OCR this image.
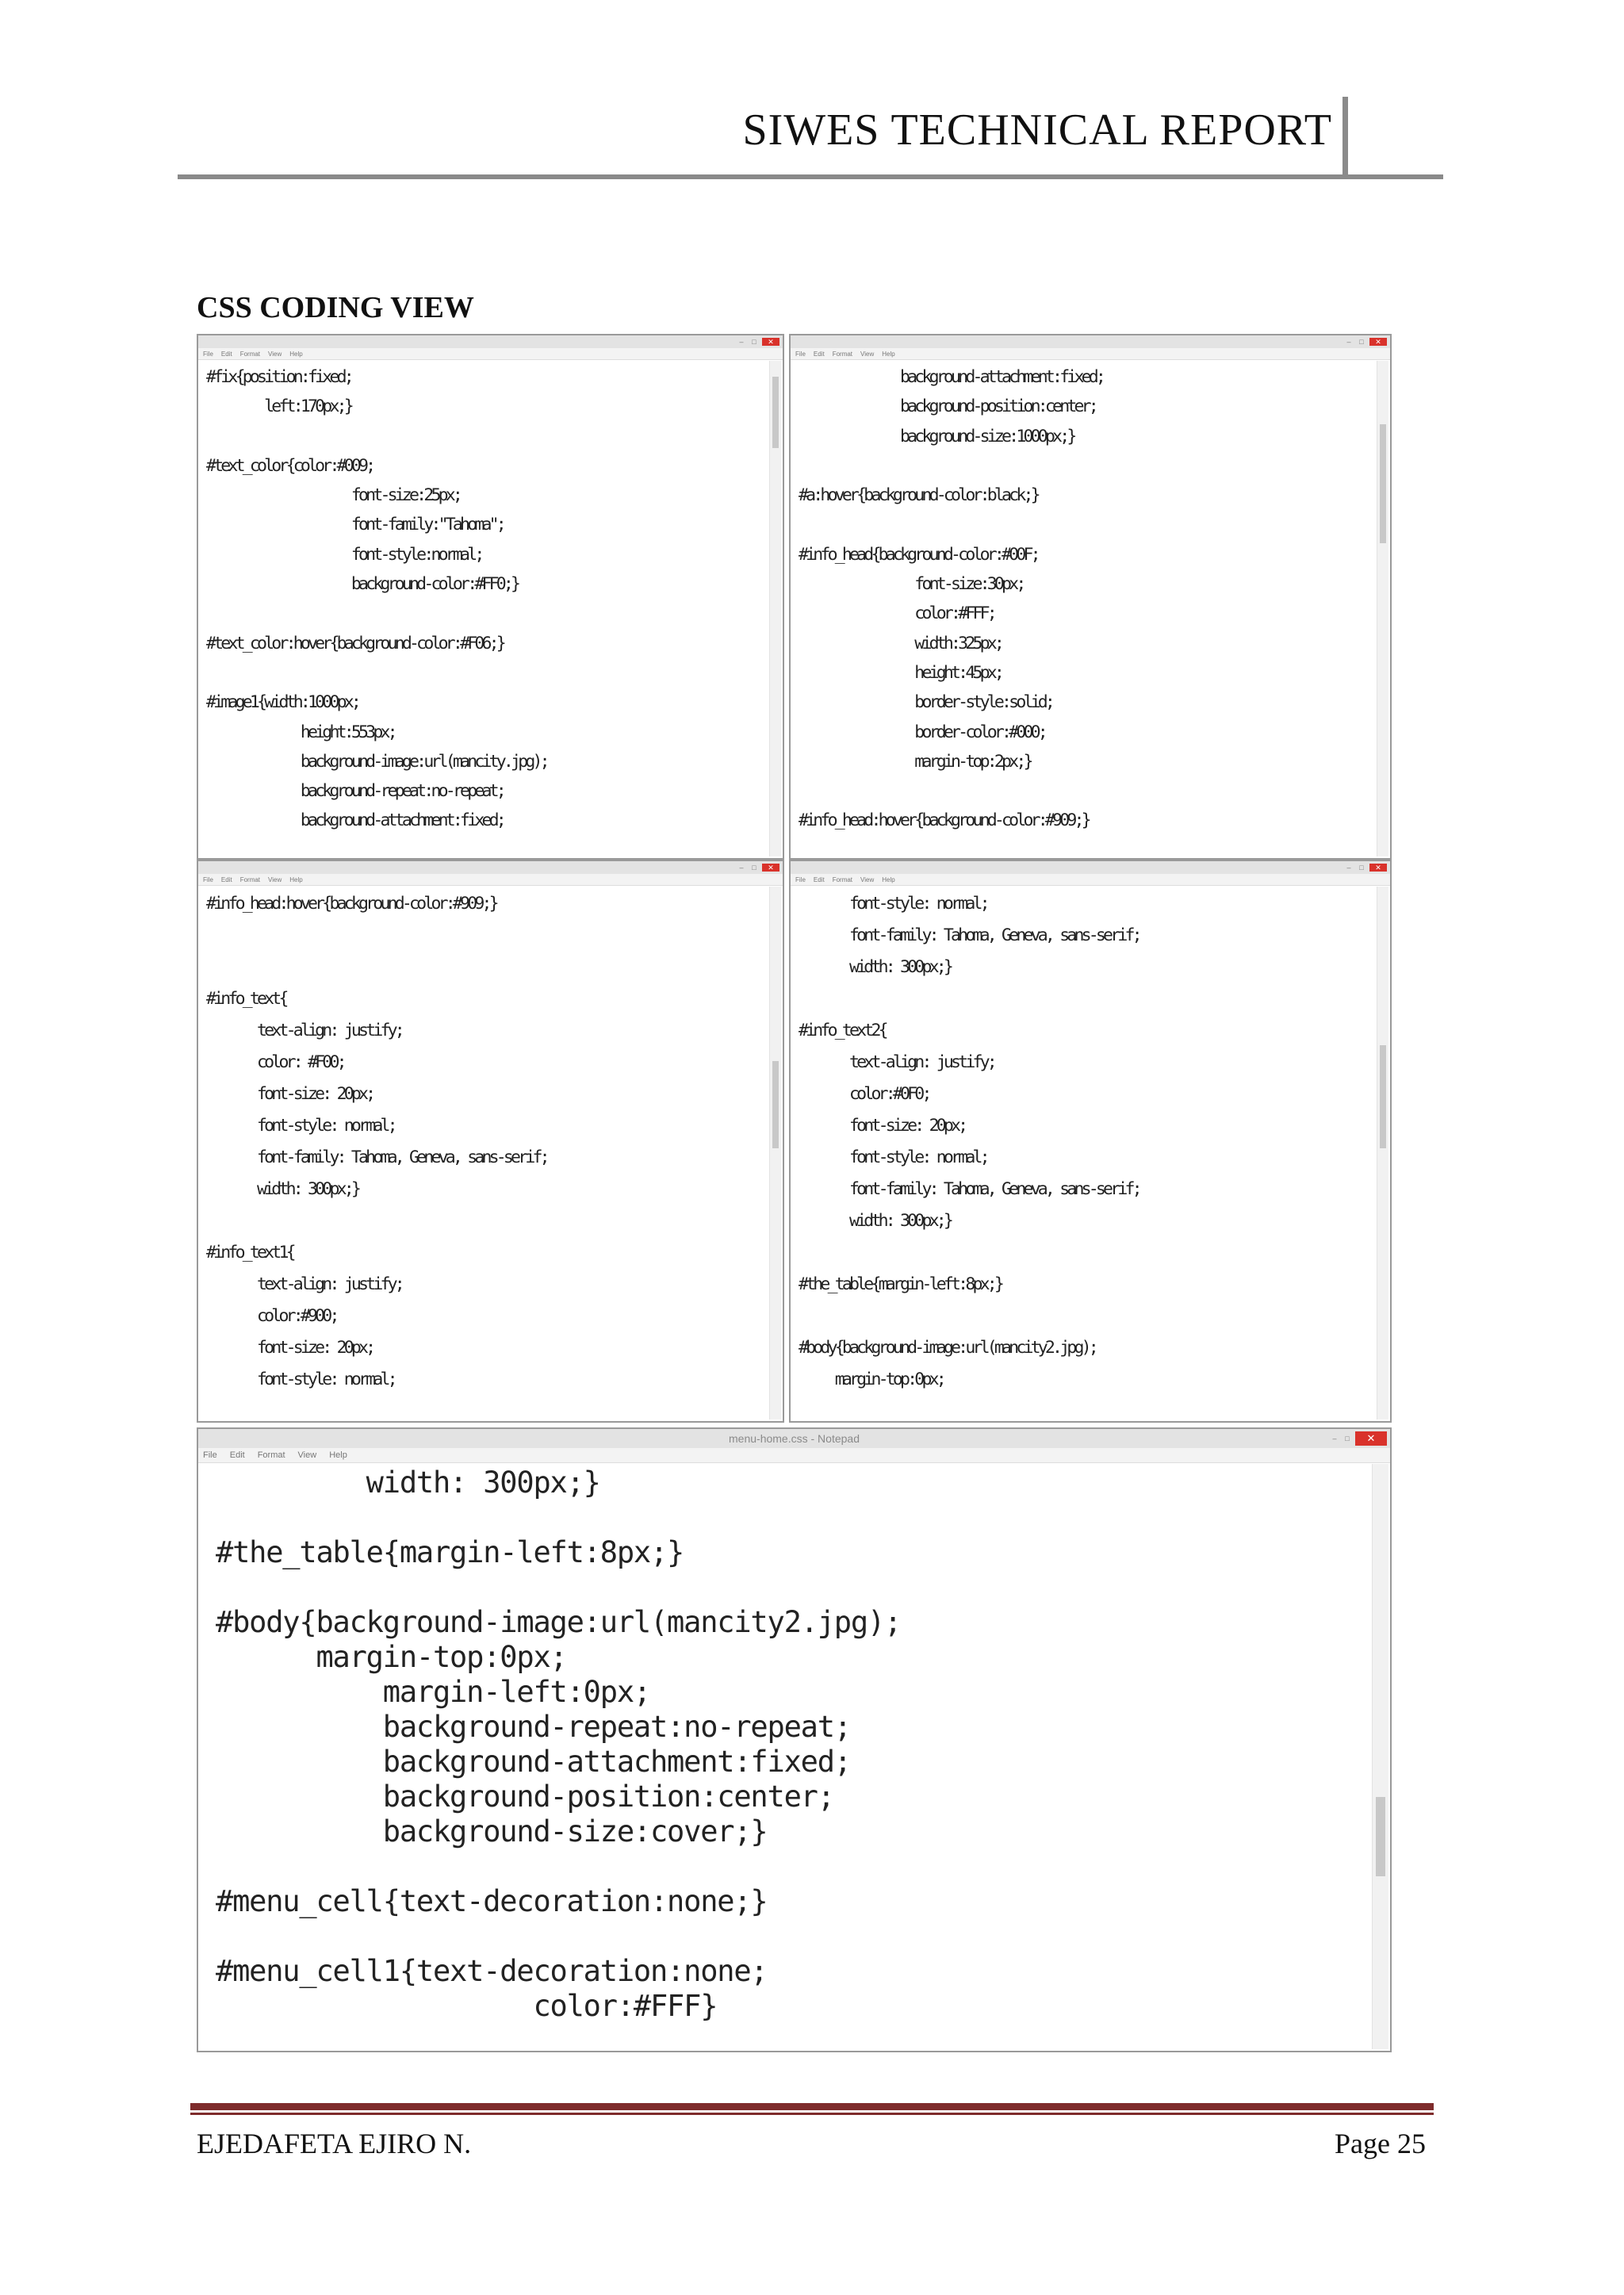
SIWES TECHNICAL REPORT
CSS CODING VIEW
–	□	✕
File Edit Format View Help
#fix{position:fixed;
left:170px;}

#text_color{color:#009;
font-size:25px;
font-family:"Tahoma";
font-style:normal;
background-color:#FF0;}

#text_color:hover{background-color:#F06;}

#image1{width:1000px;
height:553px;
background-image:url(mancity.jpg);
background-repeat:no-repeat;
background-attachment:fixed;
–	□	✕
File Edit Format View Help
background-attachment:fixed;
background-position:center;
background-size:1000px;}

#a:hover{background-color:black;}

#info_head{background-color:#00F;
font-size:30px;
color:#FFF;
width:325px;
height:45px;
border-style:solid;
border-color:#000;
margin-top:2px;}

#info_head:hover{background-color:#909;}
–	□	✕
File Edit Format View Help
#info_head:hover{background-color:#909;}

#info_text{
text-align: justify;
color: #F00;
font-size: 20px;
font-style: normal;
font-family: Tahoma, Geneva, sans-serif;
width: 300px;}

#info_text1{
text-align: justify;
color:#900;
font-size: 20px;
font-style: normal;
–	□	✕
File Edit Format View Help
font-style: normal;
font-family: Tahoma, Geneva, sans-serif;
width: 300px;}

#info_text2{
text-align: justify;
color:#0F0;
font-size: 20px;
font-style: normal;
font-family: Tahoma, Geneva, sans-serif;
width: 300px;}

#the_table{margin-left:8px;}

#body{background-image:url(mancity2.jpg);
margin-top:0px;
menu-home.css - Notepad	–	□	✕
File Edit Format View Help
width: 300px;}

#the_table{margin-left:8px;}

#body{background-image:url(mancity2.jpg);
margin-top:0px;
margin-left:0px;
background-repeat:no-repeat;
background-attachment:fixed;
background-position:center;
background-size:cover;}

#menu_cell{text-decoration:none;}

#menu_cell1{text-decoration:none;
color:#FFF}
EJEDAFETA EJIRO N.	Page 25
